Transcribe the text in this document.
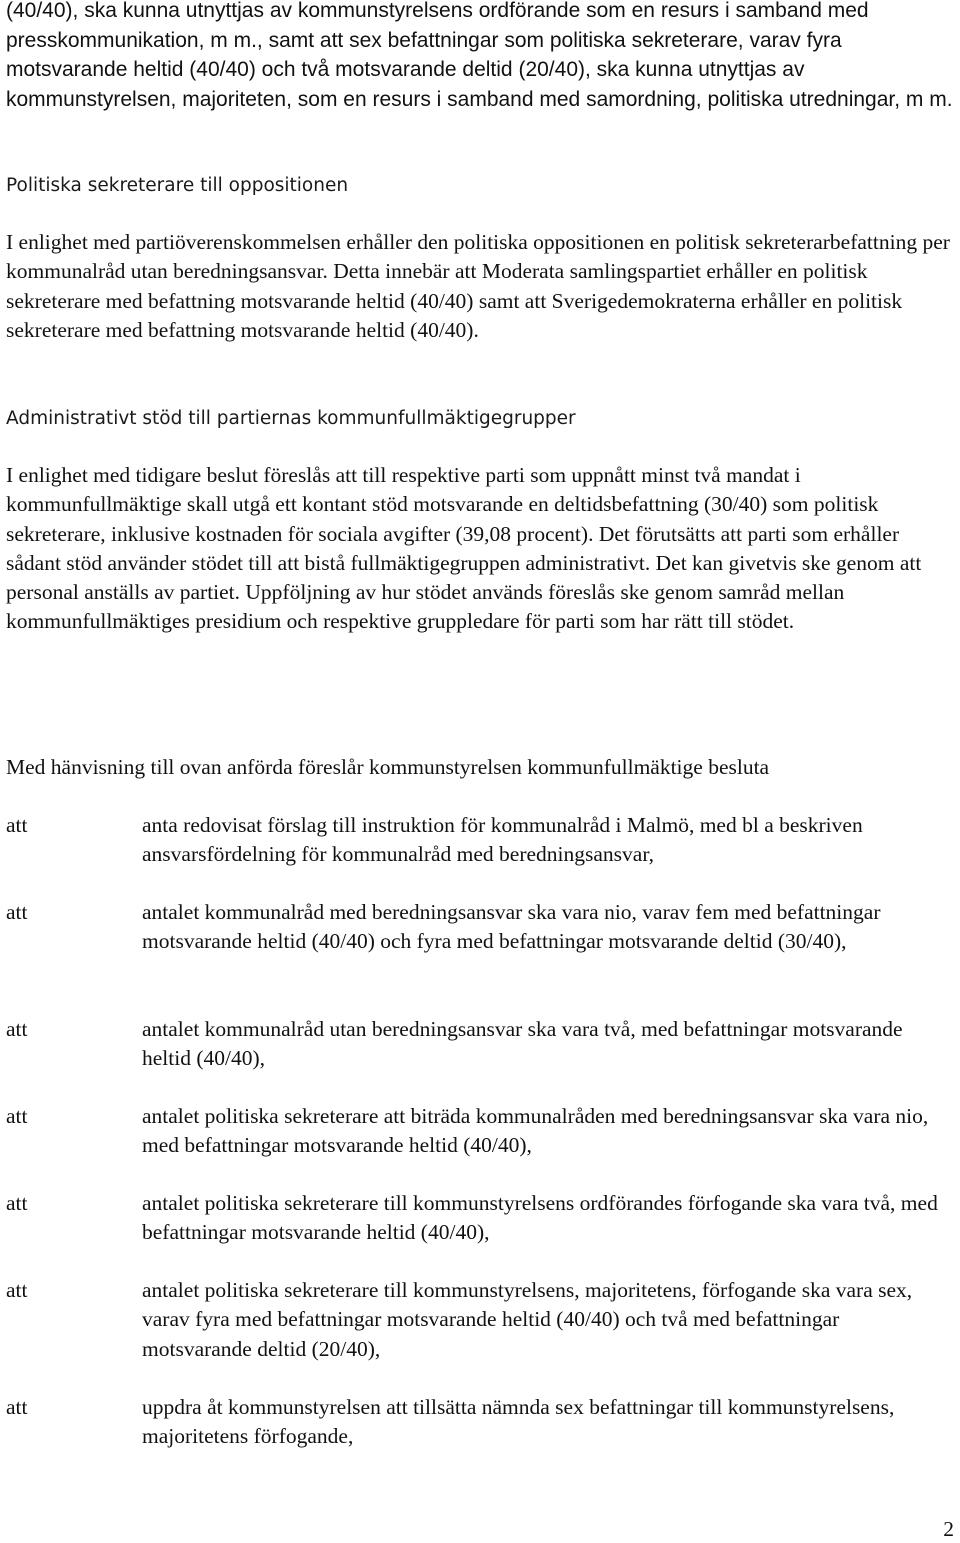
(40/40), ska kunna utnyttjas av kommunstyrelsens ordförande som en resurs i samband med presskommunikation, m m., samt att sex befattningar som politiska sekreterare, varav fyra motsvarande heltid (40/40) och två motsvarande deltid (20/40), ska kunna utnyttjas av kommunstyrelsen, majoriteten, som en resurs i samband med samordning, politiska utredningar, m m.

Politiska sekreterare till oppositionen

I enlighet med partiöverenskommelsen erhåller den politiska oppositionen en politisk sekreterarbefattning per kommunalråd utan beredningsansvar. Detta innebär att Moderata samlingspartiet erhåller en politisk sekreterare med befattning motsvarande heltid (40/40) samt att Sverigedemokraterna erhåller en politisk sekreterare med befattning motsvarande heltid (40/40).

Administrativt stöd till partiernas kommunfullmäktigegrupper

I enlighet med tidigare beslut föreslås att till respektive parti som uppnått minst två mandat i kommunfullmäktige skall utgå ett kontant stöd motsvarande en deltidsbefattning (30/40) som politisk sekreterare, inklusive kostnaden för sociala avgifter (39,08 procent). Det förutsätts att parti som erhåller sådant stöd använder stödet till att bistå fullmäktigegruppen administrativt. Det kan givetvis ske genom att personal anställs av partiet. Uppföljning av hur stödet används föreslås ske genom samråd mellan kommunfullmäktiges presidium och respektive gruppledare för parti som har rätt till stödet.

Med hänvisning till ovan anförda föreslår kommunstyrelsen kommunfullmäktige besluta

att	anta redovisat förslag till instruktion för kommunalråd i Malmö, med bl a beskriven ansvarsfördelning för kommunalråd med beredningsansvar,
att	antalet kommunalråd med beredningsansvar ska vara nio, varav fem med befattningar motsvarande heltid (40/40) och fyra med befattningar motsvarande deltid (30/40),
att	antalet kommunalråd utan beredningsansvar ska vara två, med befattningar motsvarande heltid (40/40),
att	antalet politiska sekreterare att biträda kommunalråden med beredningsansvar ska vara nio, med befattningar motsvarande heltid (40/40),
att	antalet politiska sekreterare till kommunstyrelsens ordförandes förfogande ska vara två, med befattningar motsvarande heltid (40/40),
att	antalet politiska sekreterare till kommunstyrelsens, majoritetens, förfogande ska vara sex, varav fyra med befattningar motsvarande heltid (40/40) och två med befattningar motsvarande deltid (20/40),
att	uppdra åt kommunstyrelsen att tillsätta nämnda sex befattningar till kommunstyrelsens, majoritetens förfogande,
2
